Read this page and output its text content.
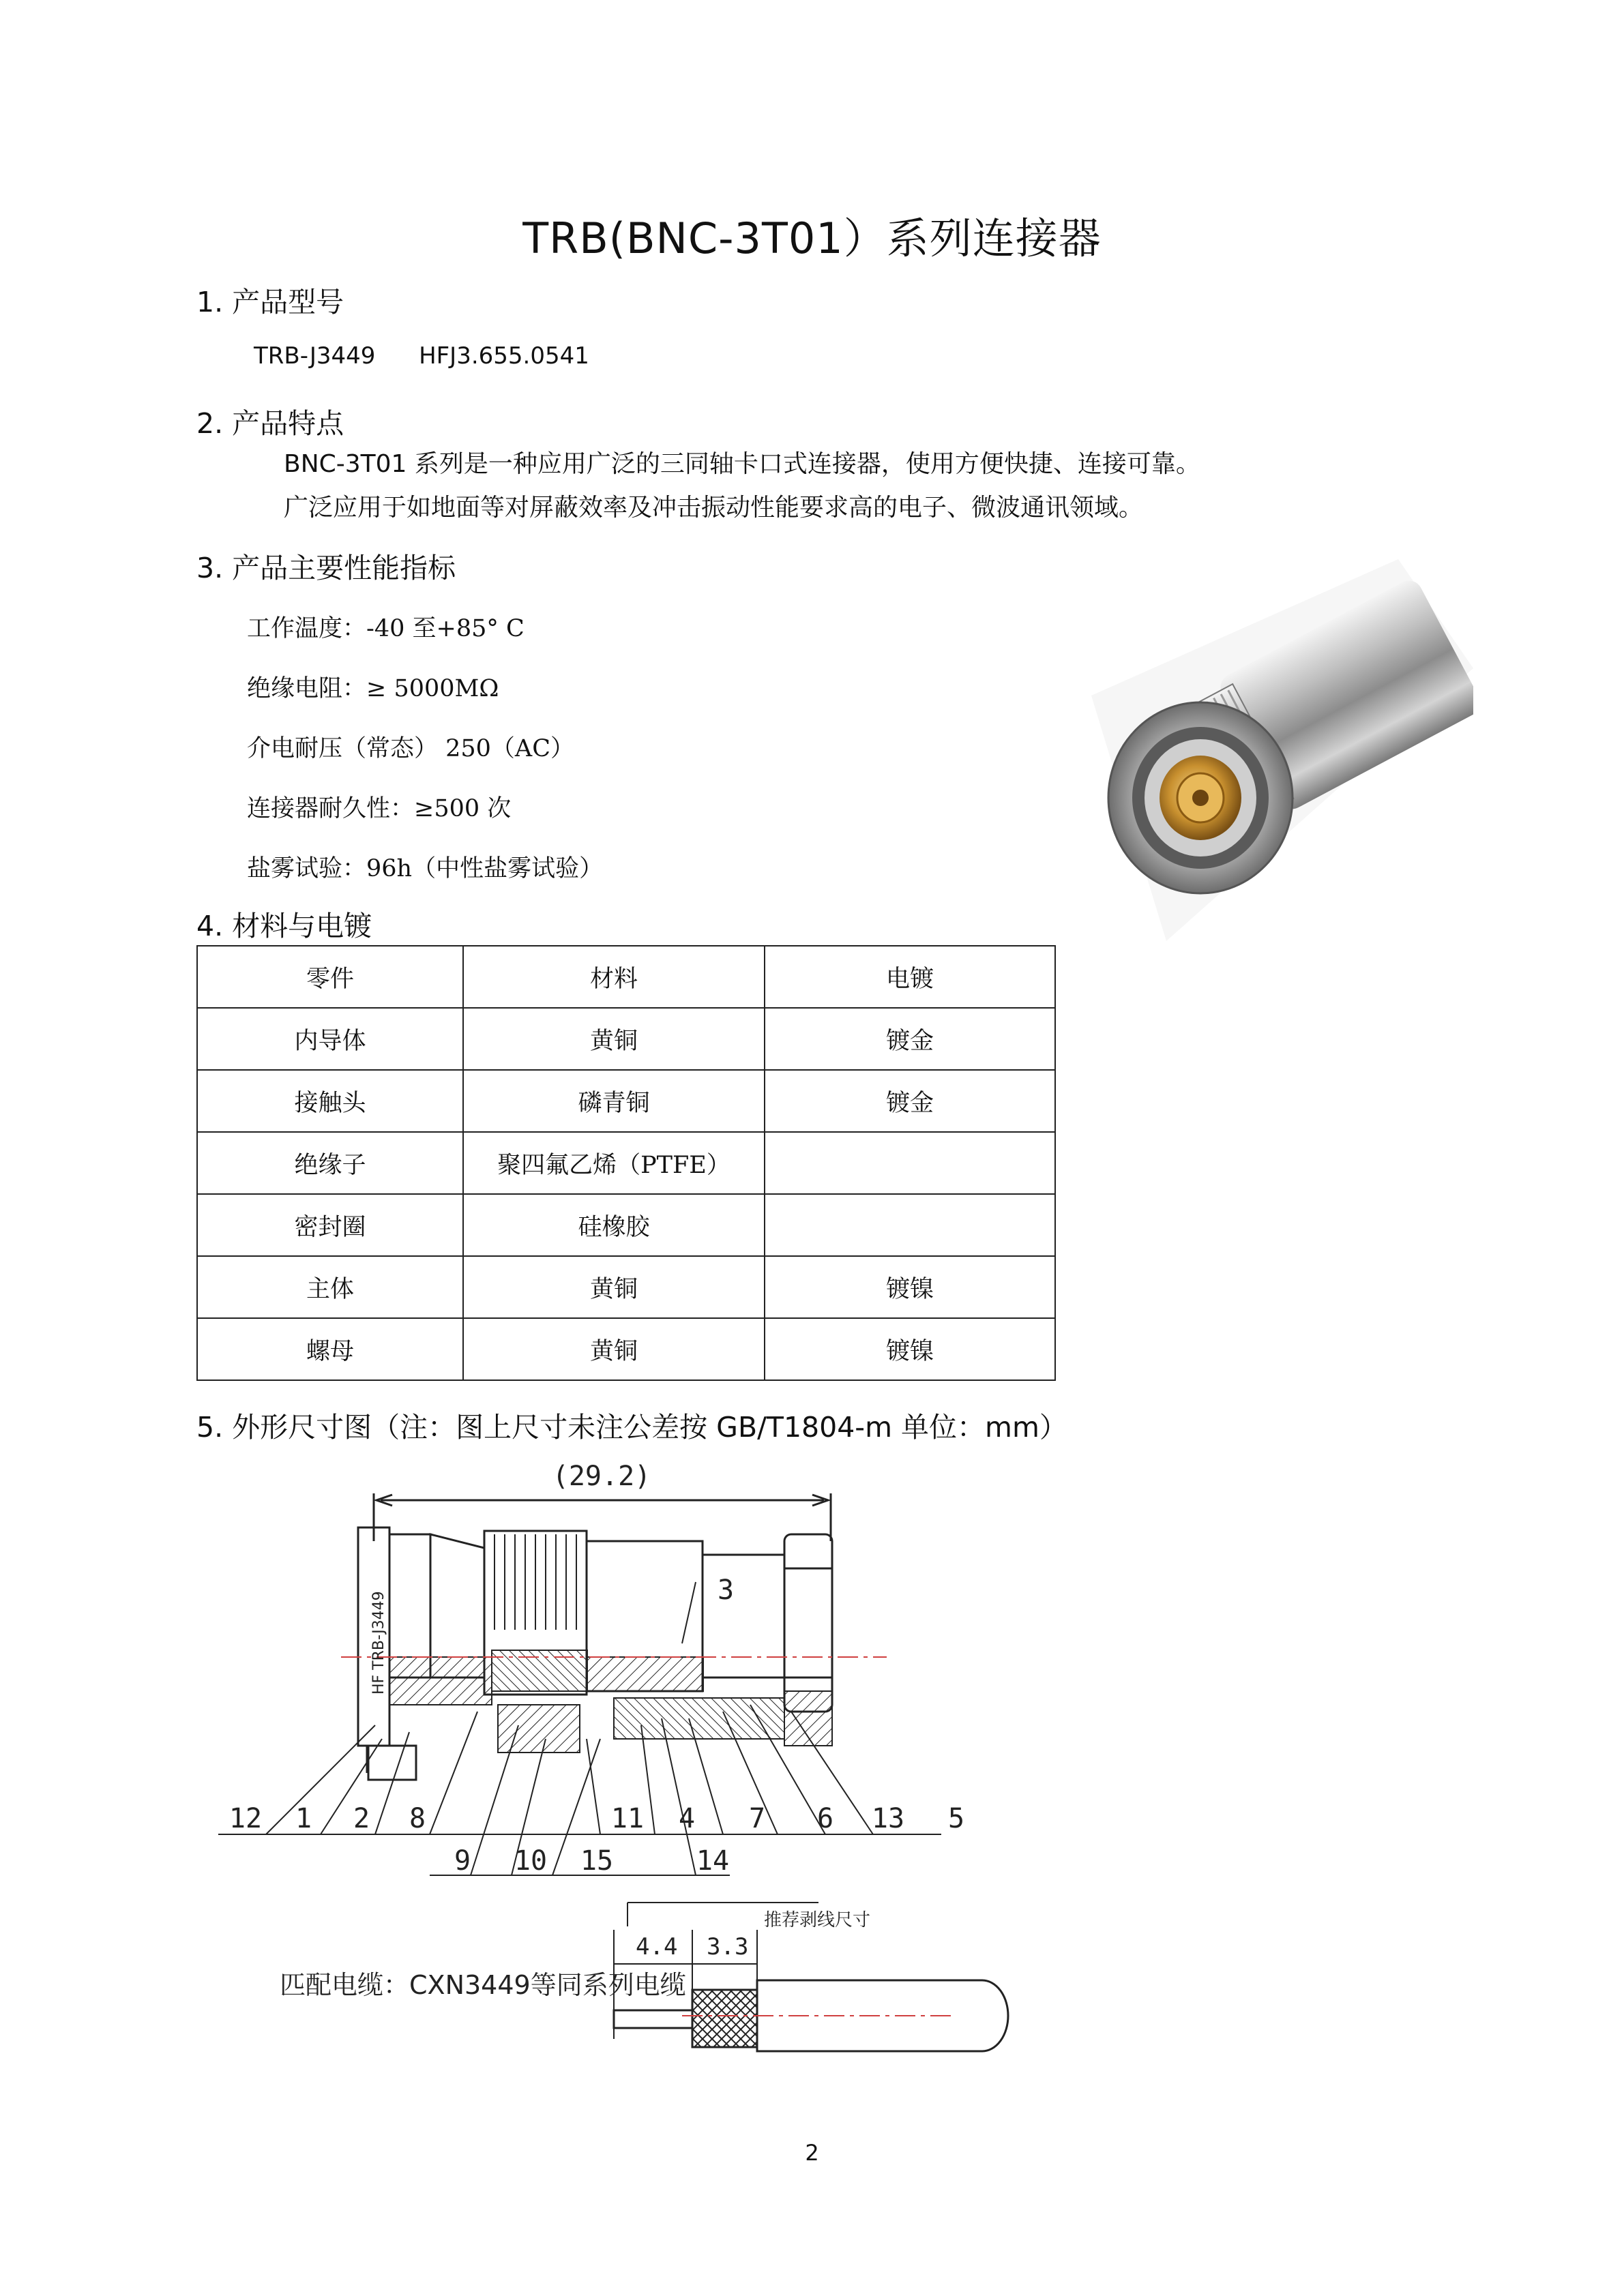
TRB(BNC-3T01）系列连接器
1. 产品型号
TRB-J3449 HFJ3.655.0541
2. 产品特点
BNC-3T01 系列是一种应用广泛的三同轴卡口式连接器，使用方便快捷、连接可靠。
广泛应用于如地面等对屏蔽效率及冲击振动性能要求高的电子、微波通讯领域。
3. 产品主要性能指标
工作温度：-40 至+85° C
绝缘电阻：≥ 5000MΩ
介电耐压（常态） 250（AC）
连接器耐久性：≥500 次
盐雾试验：96h（中性盐雾试验）
4. 材料与电镀
零件	材料	电镀
内导体	黄铜	镀金
接触头	磷青铜	镀金
绝缘子	聚四氟乙烯（PTFE）	
密封圈	硅橡胶	
主体	黄铜	镀镍
螺母	黄铜	镀镍
5. 外形尺寸图（注：图上尺寸未注公差按 GB/T1804-m 单位：mm）
(29.2)
HF TRB-J3449
3
12 1 2 8	11 4 7 6 13 5
9 10 15	14
4.4 3.3
推荐剥线尺寸
匹配电缆：CXN3449等同系列电缆
2
